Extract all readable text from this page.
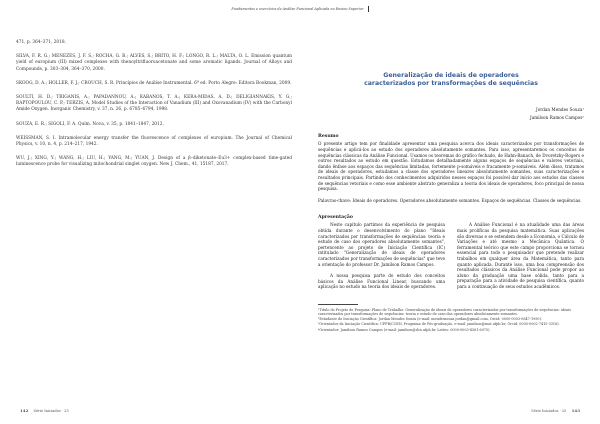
Fundamentos e exercícios de Análise Funcional Aplicada no Ensino Superior

471, p. 364–371, 2018.

SILVA, F. R. G.; MENEZES, J. F. S.; ROCHA, G. B.; ALVES, S.; BRITO, H. F.; LONGO, R. L.; MALTA, O. L. Emission quantum yield of europium (III) mixed complexes with thenoyltrifluoroacetonate and some aromatic ligands. Journal of Alloys and Compounds, p. 303–304, 364–370, 2000.

SKOOG, D. A.; HOLLER, F. J.; CROUCH, S. R. Princípios de Análise Instrumental. 6ª ed. Porto Alegre: Editora Bookman, 2009.

SOULTI, H. D.; TRIGANIS, A.; PAPADANNOU, A.; KABANOS, T. A.; KERA-MIDAS, A. D.; DELIGIANNAKIS, Y. G.; RAPTOPOULOU, C. P.; TERZIS, A. Model Studies of the Interaction of Vanadium (III) and Oxovanadium (IV) with the Carbonyl Amide Oxygen. Inorganic Chemistry, v. 37, n. 26, p. 6785–6794, 1998.

SOUZA, E. R.; SIGOLI, F. A. Quím. Nova, v. 35, p. 1841–1847, 2012.

WEISSMAN, S. I. Intramolecular energy transfer the fluorescence of complexes of europium. The Journal of Chemical Physics, v. 10, n. 4, p. 214–217, 1942.

WU, J.; XING, Y.; WANG, H.; LIU, H.; YANG, M.; YUAN, J. Design of a β–diketonate–Eu3+ complex-based time-gated luminescence probe for visualizing mitochondrial singlet oxygen. New J. Chem., 41, 15187, 2017.

Generalização de ideais de operadores
caracterizados por transformações de sequências
Jordan Mendes Souza¹
Jamilson Ramos Campos²
Resumo

O presente artigo tem por finalidade apresentar uma pesquisa acerca dos ideais caracterizados por transformações de sequências e aplicá-los ao estudo dos operadores absolutamente somantes. Para isso, apresentaremos os conceitos de sequências clássicas da Análise Funcional. Usamos os teoremas do gráfico fechado, de Hahn-Banach, de Dvoretzky-Rogers e outros resultados ao estudo em questão. Estudamos detalhadamente alguns espaços de sequências e valores vetoriais, dando ênfase aos espaços das sequências limitadas, fortemente p-somáveis e fracamente p-somáveis. Além disso, tratamos de ideais de operadores, estudamos a classe dos operadores lineares absolutamente somantes, suas caracterizações e resultados principais. Partindo dos conhecimentos adquiridos nesses espaços foi possível dar início aos estudos das classes de sequências vetoriais e como esse ambiente abstrato generaliza a teoria dos ideais de operadores, foco principal de nossa pesquisa.

Palavras-chave: Ideais de operadores. Operadores absolutamente somantes. Espaços de sequências. Classes de sequências.

Apresentação

Neste capítulo partimos da experiência de pesquisa obtida durante o desenvolvimento do plano "Ideais caracterizados por transformações de sequências: teoria e estudo de caso dos operadores absolutamente somantes", pertencente ao projeto de Iniciação Científica (IC) intitulado "Generalização de ideais de operadores caracterizados por transformações de sequências" que teve a orientação do professor Dr. Jamilson Ramos Campos.

A nossa pesquisa parte do estudo dos conceitos básicos da Análise Funcional Linear, buscando uma aplicação no estudo na teoria dos ideais de operadores.

A Análise Funcional é na atualidade uma das áreas mais prolíficas da pesquisa matemática. Suas aplicações são diversas e se estendem desde a Economia, o Cálculo de Variações e até mesmo a Mecânica Quântica. O ferramental teórico que este campo proporciona se tornou essencial para todo o pesquisador que pretende realizar trabalhos em qualquer área da Matemática, tanto para quanto aplicada. Durante isso, uma boa compreensão dos resultados clássicos da Análise Funcional pode propor ao aluno da graduação uma base sólida, tanto para a preparação para a atividade de pesquisa científica, quanto para a continuação de seus estudos acadêmicos.

¹Título do Projeto de Pesquisa: Plano de Trabalho: Generalização de ideais de operadores caracterizados por transformações de sequências: ideais caracterizados por transformações de sequências: teoria e estudo de caso dos operadores absolutamente somantes.

²Estudante de Iniciação Científica: Jordan Mendes Souza (e-mail: mendessouza.jordan@gmail.com, Orcid: 0000-0003-0847-1990).

³Orientador da Iniciação Científica: UFPB/CCEN, Programa de Pós-graduação, e-mail: jamilson@mat.ufpb.br; Orcid: 0000-0002-7415-3316).

⁴Orientador: Jamilson Ramos Campos (e-mail: jamilson@dcx.ufpb.br, Lattes: 0000-0003-4561-6975).

142 Série Iniciados · 25	Série Iniciados · 25 143
